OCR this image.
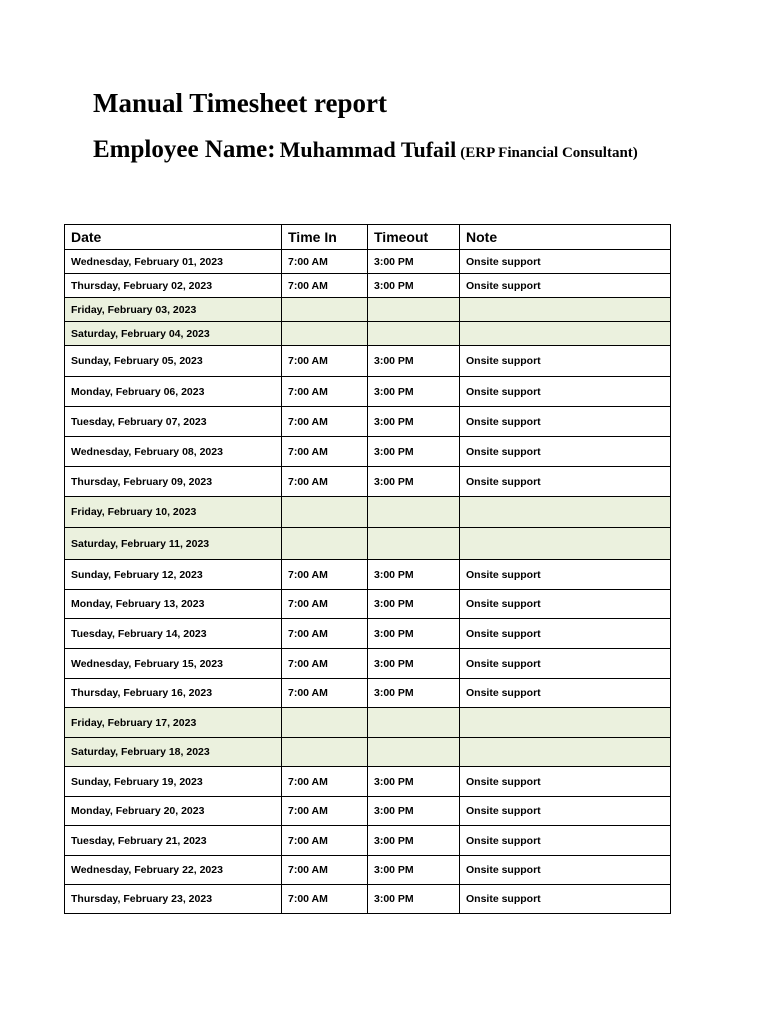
Manual Timesheet report
Employee Name: Muhammad Tufail (ERP Financial Consultant)
Date	Time In	Timeout	Note
Wednesday, February 01, 2023	7:00 AM	3:00 PM	Onsite support
Thursday, February 02, 2023	7:00 AM	3:00 PM	Onsite support
Friday, February 03, 2023			
Saturday, February 04, 2023			
Sunday, February 05, 2023	7:00 AM	3:00 PM	Onsite support
Monday, February 06, 2023	7:00 AM	3:00 PM	Onsite support
Tuesday, February 07, 2023	7:00 AM	3:00 PM	Onsite support
Wednesday, February 08, 2023	7:00 AM	3:00 PM	Onsite support
Thursday, February 09, 2023	7:00 AM	3:00 PM	Onsite support
Friday, February 10, 2023			
Saturday, February 11, 2023			
Sunday, February 12, 2023	7:00 AM	3:00 PM	Onsite support
Monday, February 13, 2023	7:00 AM	3:00 PM	Onsite support
Tuesday, February 14, 2023	7:00 AM	3:00 PM	Onsite support
Wednesday, February 15, 2023	7:00 AM	3:00 PM	Onsite support
Thursday, February 16, 2023	7:00 AM	3:00 PM	Onsite support
Friday, February 17, 2023			
Saturday, February 18, 2023			
Sunday, February 19, 2023	7:00 AM	3:00 PM	Onsite support
Monday, February 20, 2023	7:00 AM	3:00 PM	Onsite support
Tuesday, February 21, 2023	7:00 AM	3:00 PM	Onsite support
Wednesday, February 22, 2023	7:00 AM	3:00 PM	Onsite support
Thursday, February 23, 2023	7:00 AM	3:00 PM	Onsite support
